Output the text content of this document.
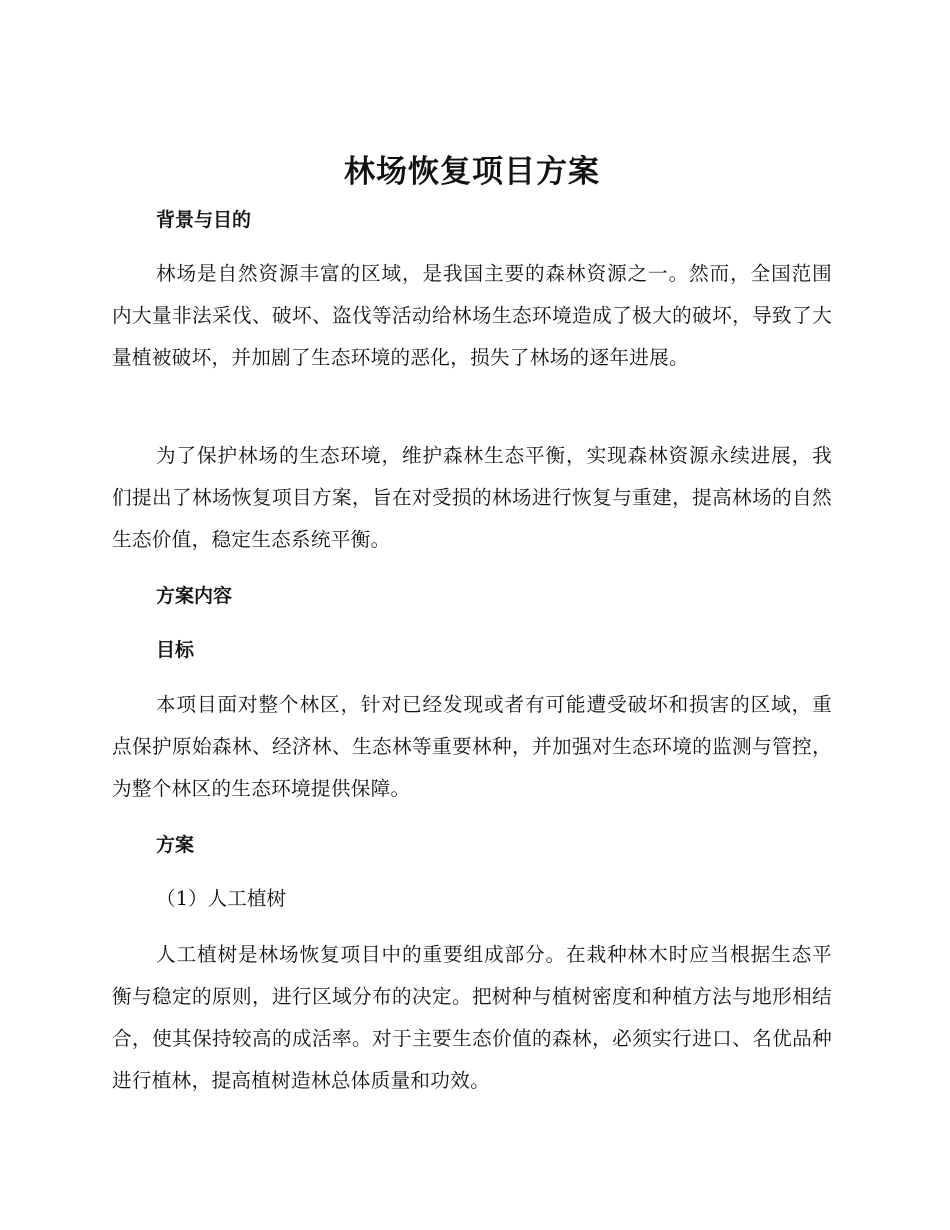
林场恢复项目方案
背景与目的

林场是自然资源丰富的区域，是我国主要的森林资源之一。然而，全国范围内大量非法采伐、破坏、盗伐等活动给林场生态环境造成了极大的破坏，导致了大量植被破坏，并加剧了生态环境的恶化，损失了林场的逐年进展。

为了保护林场的生态环境，维护森林生态平衡，实现森林资源永续进展，我们提出了林场恢复项目方案，旨在对受损的林场进行恢复与重建，提高林场的自然生态价值，稳定生态系统平衡。

方案内容
目标

本项目面对整个林区，针对已经发现或者有可能遭受破坏和损害的区域，重点保护原始森林、经济林、生态林等重要林种，并加强对生态环境的监测与管控，为整个林区的生态环境提供保障。

方案

（1）人工植树

人工植树是林场恢复项目中的重要组成部分。在栽种林木时应当根据生态平衡与稳定的原则，进行区域分布的决定。把树种与植树密度和种植方法与地形相结合，使其保持较高的成活率。对于主要生态价值的森林，必须实行进口、名优品种进行植林，提高植树造林总体质量和功效。
